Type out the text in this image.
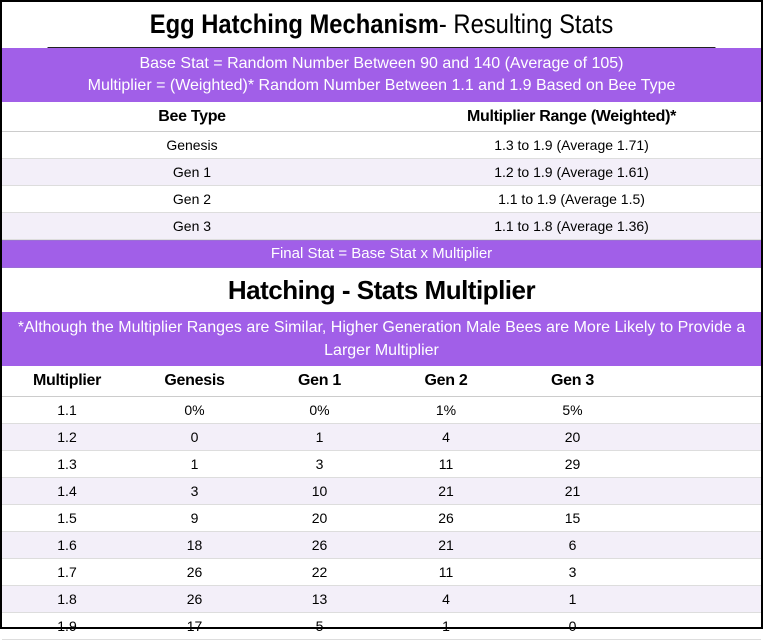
Egg Hatching Mechanism - Resulting Stats
Base Stat = Random Number Between 90 and 140 (Average of 105)
Multiplier = (Weighted)* Random Number Between 1.1 and 1.9 Based on Bee Type
Bee Type	Multiplier Range (Weighted)*
Genesis	1.3 to 1.9 (Average 1.71)
Gen 1	1.2 to 1.9 (Average 1.61)
Gen 2	1.1 to 1.9 (Average 1.5)
Gen 3	1.1 to 1.8 (Average 1.36)
Final Stat = Base Stat x Multiplier
Hatching - Stats Multiplier
*Although the Multiplier Ranges are Similar, Higher Generation Male Bees are More Likely to Provide a
Larger Multiplier
Multiplier	Genesis	Gen 1	Gen 2	Gen 3
1.1	0%	0%	1%	5%
1.2	0	1	4	20
1.3	1	3	11	29
1.4	3	10	21	21
1.5	9	20	26	15
1.6	18	26	21	6
1.7	26	22	11	3
1.8	26	13	4	1
1.9	17	5	1	0
